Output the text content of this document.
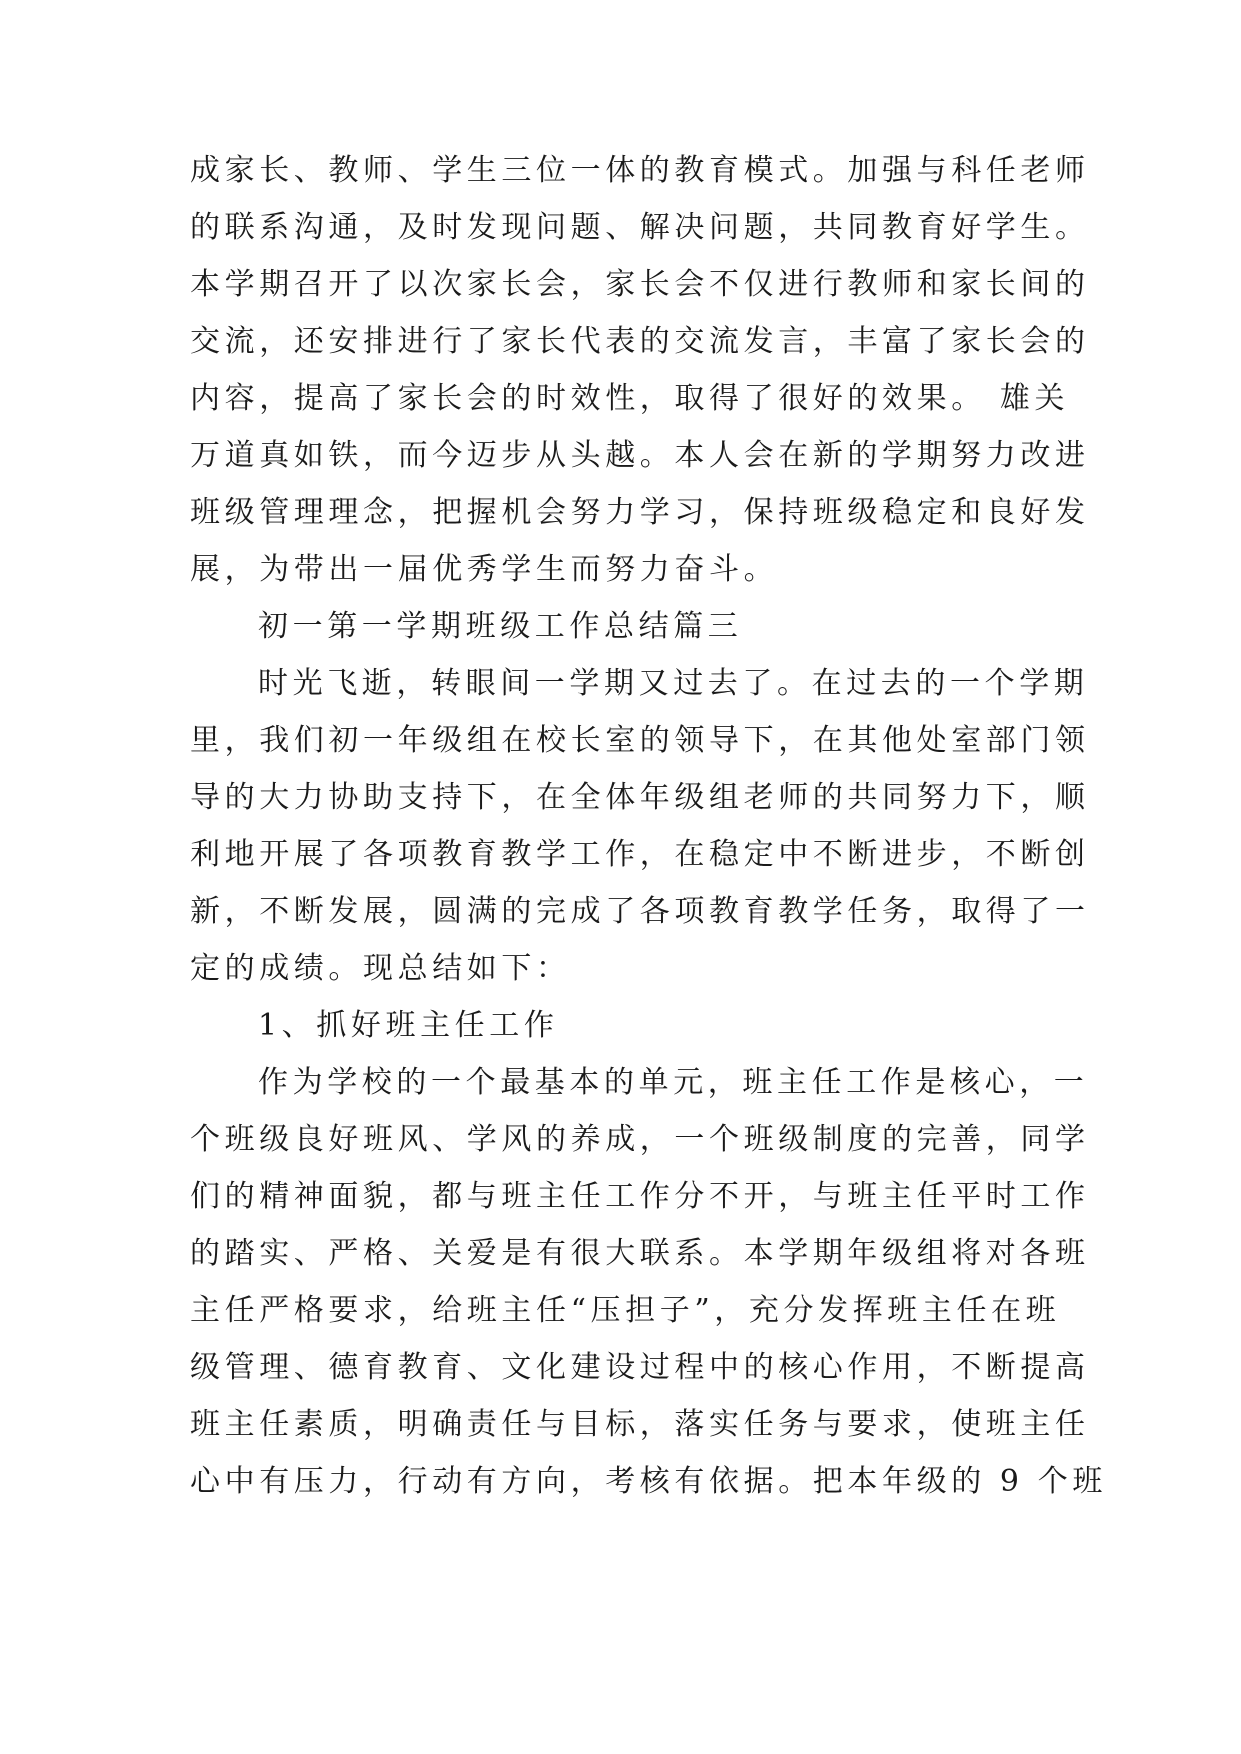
成家长、教师、学生三位一体的教育模式。加强与科任老师
的联系沟通，及时发现问题、解决问题，共同教育好学生。
本学期召开了以次家长会，家长会不仅进行教师和家长间的
交流，还安排进行了家长代表的交流发言，丰富了家长会的
内容，提高了家长会的时效性，取得了很好的效果。 雄关
万道真如铁，而今迈步从头越。本人会在新的学期努力改进
班级管理理念，把握机会努力学习，保持班级稳定和良好发
展，为带出一届优秀学生而努力奋斗。
初一第一学期班级工作总结篇三
时光飞逝，转眼间一学期又过去了。在过去的一个学期
里，我们初一年级组在校长室的领导下，在其他处室部门领
导的大力协助支持下，在全体年级组老师的共同努力下，顺
利地开展了各项教育教学工作，在稳定中不断进步，不断创
新，不断发展，圆满的完成了各项教育教学任务，取得了一
定的成绩。现总结如下：
1、抓好班主任工作
作为学校的一个最基本的单元，班主任工作是核心，一
个班级良好班风、学风的养成，一个班级制度的完善，同学
们的精神面貌，都与班主任工作分不开，与班主任平时工作
的踏实、严格、关爱是有很大联系。本学期年级组将对各班
主任严格要求，给班主任“压担子”，充分发挥班主任在班
级管理、德育教育、文化建设过程中的核心作用，不断提高
班主任素质，明确责任与目标，落实任务与要求，使班主任
心中有压力，行动有方向，考核有依据。把本年级的 9 个班
